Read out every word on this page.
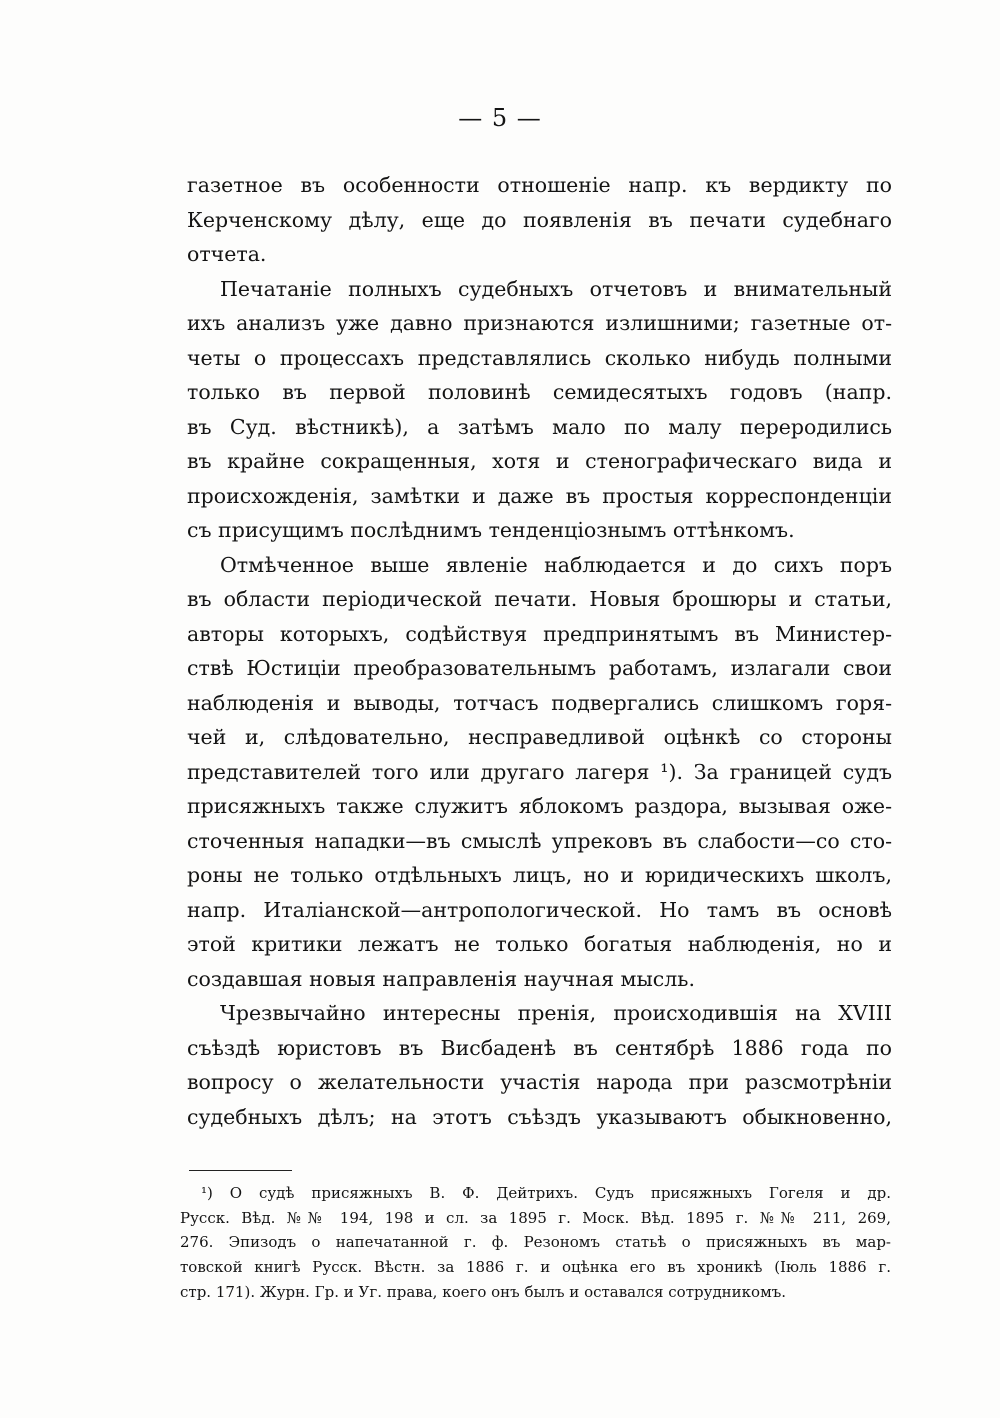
— 5 —
газетное въ особенности отношеніе напр. къ вердикту по
Керченскому дѣлу, еще до появленія въ печати судебнаго
отчета.
Печатаніе полныхъ судебныхъ отчетовъ и внимательный
ихъ анализъ уже давно признаются излишними; газетные от-
четы о процессахъ представлялись сколько нибудь полными
только въ первой половинѣ семидесятыхъ годовъ (напр.
въ Суд. вѣстникѣ), а затѣмъ мало по малу переродились
въ крайне сокращенныя, хотя и стенографическаго вида и
происхожденія, замѣтки и даже въ простыя корреспонденціи
съ присущимъ послѣднимъ тенденціознымъ оттѣнкомъ.
Отмѣченное выше явленіе наблюдается и до сихъ поръ
въ области періодической печати. Новыя брошюры и статьи,
авторы которыхъ, содѣйствуя предпринятымъ въ Министер-
ствѣ Юстиціи преобразовательнымъ работамъ, излагали свои
наблюденія и выводы, тотчасъ подвергались слишкомъ горя-
чей и, слѣдовательно, несправедливой оцѣнкѣ со стороны
представителей того или другаго лагеря ¹). За границей судъ
присяжныхъ также служитъ яблокомъ раздора, вызывая оже-
сточенныя нападки—въ смыслѣ упрековъ въ слабости—со сто-
роны не только отдѣльныхъ лицъ, но и юридическихъ школъ,
напр. Италіанской—антропологической. Но тамъ въ основѣ
этой критики лежатъ не только богатыя наблюденія, но и
создавшая новыя направленія научная мысль.
Чрезвычайно интересны пренія, происходившія на XVIII
съѣздѣ юристовъ въ Висбаденѣ въ сентябрѣ 1886 года по
вопросу о желательности участія народа при разсмотрѣніи
судебныхъ дѣлъ; на этотъ съѣздъ указываютъ обыкновенно,
¹) О судѣ присяжныхъ В. Ф. Дейтрихъ. Судъ присяжныхъ Гогеля и др.
Русск. Вѣд. №№ 194, 198 и сл. за 1895 г. Моск. Вѣд. 1895 г. №№ 211, 269,
276. Эпизодъ о напечатанной г. ф. Резономъ статьѣ о присяжныхъ въ мар-
товской книгѣ Русск. Вѣстн. за 1886 г. и оцѣнка его въ хроникѣ (Іюль 1886 г.
стр. 171). Журн. Гр. и Уг. права, коего онъ былъ и оставался сотрудникомъ.
